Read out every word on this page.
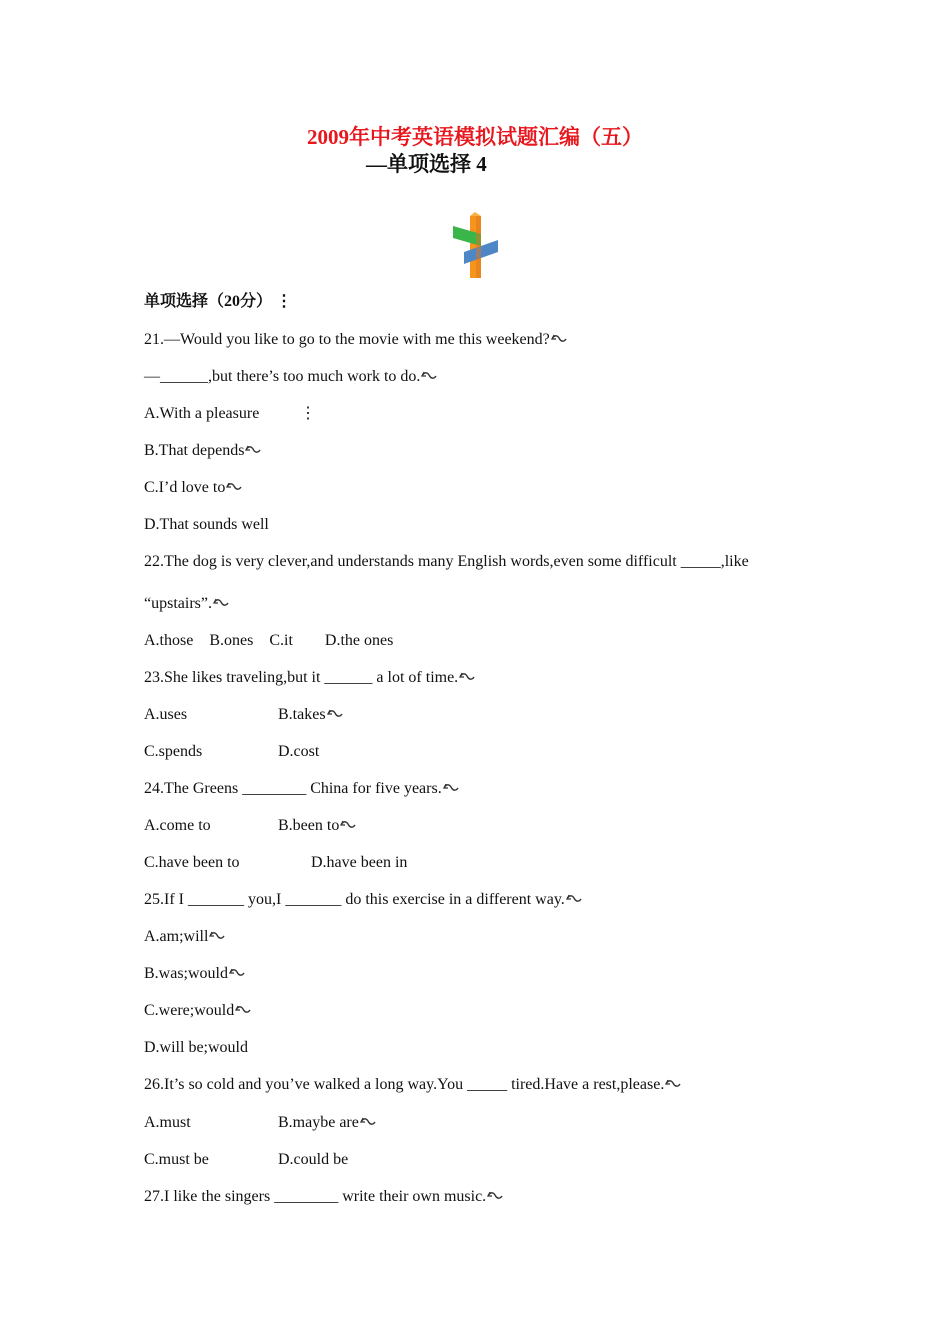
2009年中考英语模拟试题汇编（五）
—单项选择 4
单项选择（20分） ⋮
21.—Would you like to go to the movie with me this weekend?
—______,but there’s too much work to do.
A.With a pleasure	⋮
B.That depends
C.I’d love to
D.That sounds well
22.The dog is very clever,and understands many English words,even some difficult _____,like
“upstairs”.
A.those    B.ones    C.it        D.the ones
23.She likes traveling,but it ______ a lot of time.
A.uses	B.takes
C.spends	D.cost
24.The Greens ________ China for five years.
A.come to	B.been to
C.have been to	D.have been in
25.If I _______ you,I _______ do this exercise in a different way.
A.am;will
B.was;would
C.were;would
D.will be;would
26.It’s so cold and you’ve walked a long way.You _____ tired.Have a rest,please.
A.must	B.maybe are
C.must be	D.could be
27.I like the singers ________ write their own music.
